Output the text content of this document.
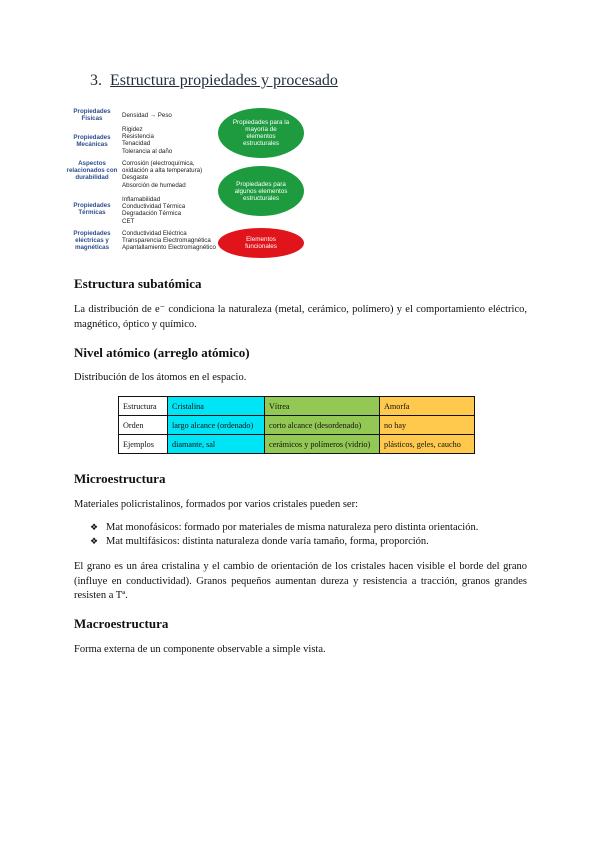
3. Estructura propiedades y procesado
Propiedades Físicas	Densidad → Peso
Propiedades Mecánicas
Rigidez
Resistencia
Tenacidad
Tolerancia al daño
Aspectos relacionados con durabilidad
Corrosión (electroquímica,
oxidación a alta temperatura)
Desgaste
Absorción de humedad
Propiedades Térmicas
Inflamabilidad
Conductividad Térmica
Degradación Térmica
CET
Propiedades eléctricas y magnéticas
Conductividad Eléctrica
Transparencia Electromagnética
Apantallamiento Electromagnético
Propiedades para la mayoría de elementos estructurales
Propiedades para algunos elementos estructurales
Elementos funcionales
Estructura subatómica
La distribución de e⁻ condiciona la naturaleza (metal, cerámico, polímero) y el comportamiento eléctrico, magnético, óptico y químico.
Nivel atómico (arreglo atómico)
Distribución de los átomos en el espacio.
Estructura	Cristalina	Vítrea	Amorfa
Orden	largo alcance (ordenado)	corto alcance (desordenado)	no hay
Ejemplos	diamante, sal	cerámicos y polímeros (vidrio)	plásticos, geles, caucho
Microestructura
Materiales policristalinos, formados por varios cristales pueden ser:
❖ Mat monofásicos: formado por materiales de misma naturaleza pero distinta orientación.
❖ Mat multifásicos: distinta naturaleza donde varía tamaño, forma, proporción.
El grano es un área cristalina y el cambio de orientación de los cristales hacen visible el borde del grano (influye en conductividad). Granos pequeños aumentan dureza y resistencia a tracción, granos grandes resisten a Tª.
Macroestructura
Forma externa de un componente observable a simple vista.
